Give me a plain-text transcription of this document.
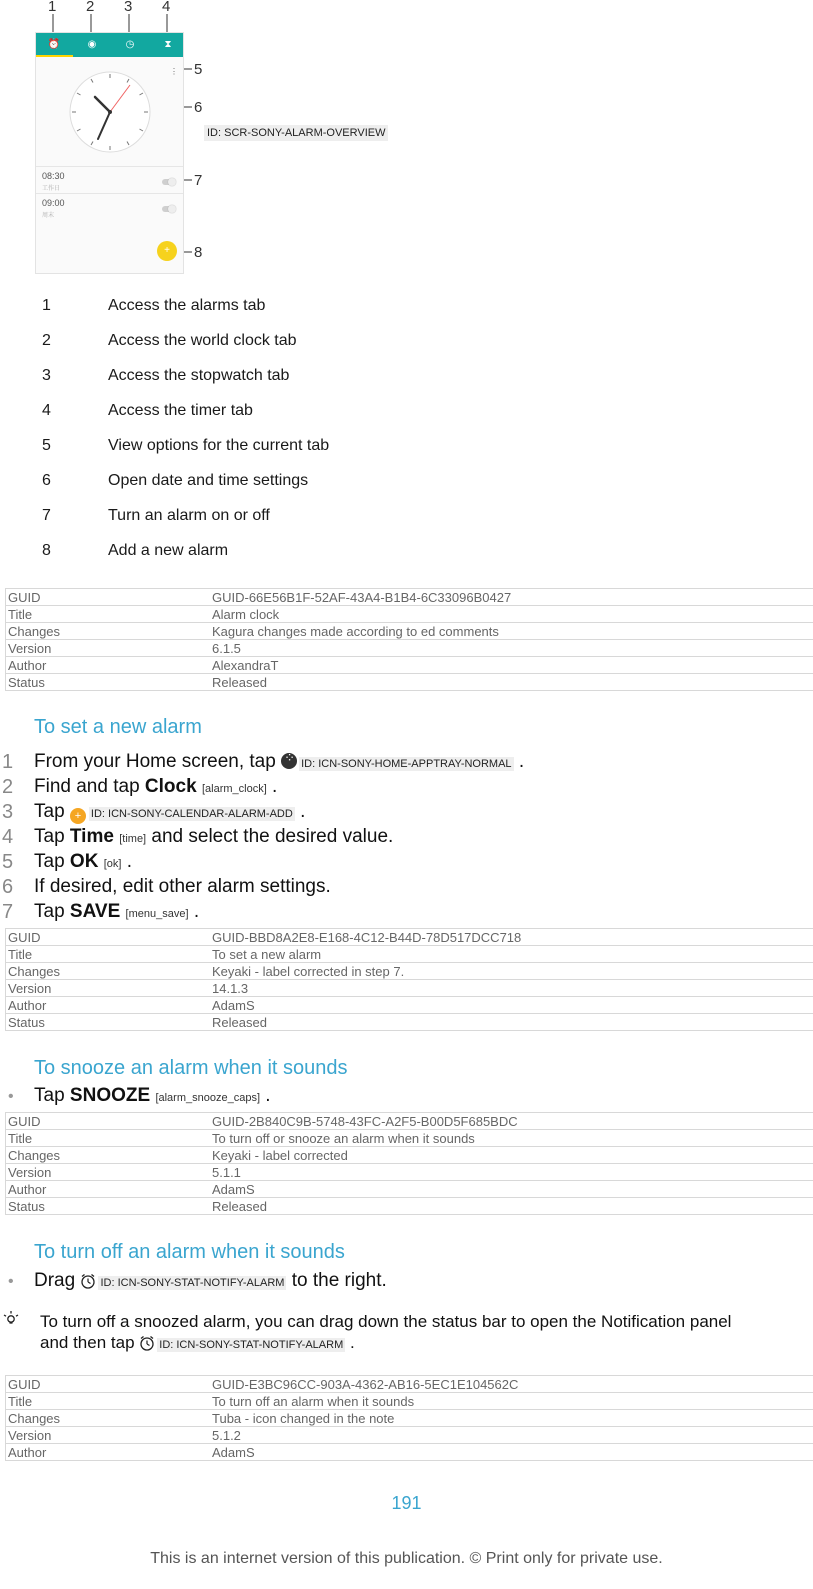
1 2 3 4
5
6
7
8
⏰	◉	◷	⧗
⋮
08:30
工作日
09:00
周末
+
ID: SCR-SONY-ALARM-OVERVIEW
1	Access the alarms tab
2	Access the world clock tab
3	Access the stopwatch tab
4	Access the timer tab
5	View options for the current tab
6	Open date and time settings
7	Turn an alarm on or off
8	Add a new alarm
GUID	GUID-66E56B1F-52AF-43A4-B1B4-6C33096B0427
Title	Alarm clock
Changes	Kagura changes made according to ed comments
Version	6.1.5
Author	AlexandraT
Status	Released
To set a new alarm
1 From your Home screen, tap ⁘ ID: ICN-SONY-HOME-APPTRAY-NORMAL .
2 Find and tap Clock [alarm_clock] .
3 Tap + ID: ICN-SONY-CALENDAR-ALARM-ADD .
4 Tap Time [time] and select the desired value.
5 Tap OK [ok] .
6 If desired, edit other alarm settings.
7 Tap SAVE [menu_save] .
GUID	GUID-BBD8A2E8-E168-4C12-B44D-78D517DCC718
Title	To set a new alarm
Changes	Keyaki - label corrected in step 7.
Version	14.1.3
Author	AdamS
Status	Released
To snooze an alarm when it sounds
• Tap SNOOZE [alarm_snooze_caps] .
GUID	GUID-2B840C9B-5748-43FC-A2F5-B00D5F685BDC
Title	To turn off or snooze an alarm when it sounds
Changes	Keyaki - label corrected
Version	5.1.1
Author	AdamS
Status	Released
To turn off an alarm when it sounds
• Drag ID: ICN-SONY-STAT-NOTIFY-ALARM to the right.
To turn off a snoozed alarm, you can drag down the status bar to open the Notification panel
and then tap ID: ICN-SONY-STAT-NOTIFY-ALARM .
GUID	GUID-E3BC96CC-903A-4362-AB16-5EC1E104562C
Title	To turn off an alarm when it sounds
Changes	Tuba - icon changed in the note
Version	5.1.2
Author	AdamS
191
This is an internet version of this publication. © Print only for private use.
